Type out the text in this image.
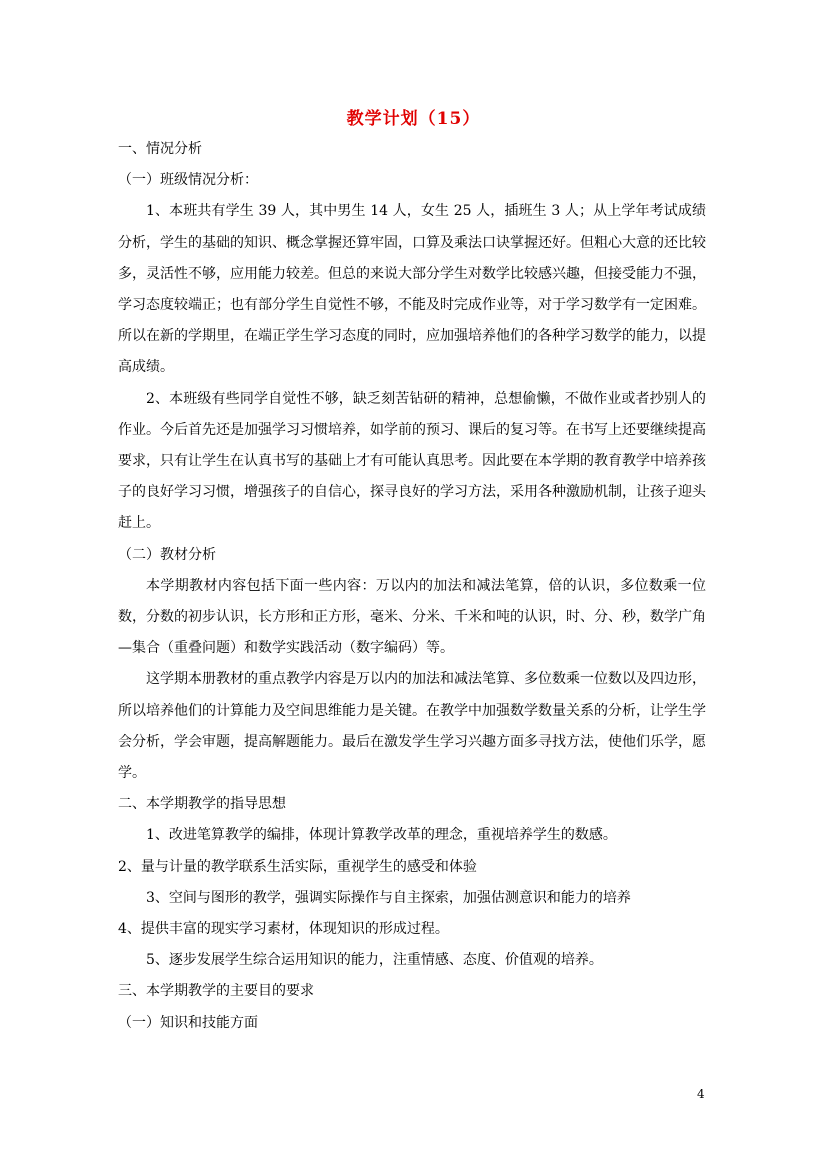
教学计划（15）

一、情况分析

（一）班级情况分析：

1、本班共有学生 39 人，其中男生 14 人，女生 25 人，插班生 3 人；从上学年考试成绩分析，学生的基础的知识、概念掌握还算牢固，口算及乘法口诀掌握还好。但粗心大意的还比较多，灵活性不够，应用能力较差。但总的来说大部分学生对数学比较感兴趣，但接受能力不强，学习态度较端正；也有部分学生自觉性不够，不能及时完成作业等，对于学习数学有一定困难。所以在新的学期里，在端正学生学习态度的同时，应加强培养他们的各种学习数学的能力，以提高成绩。

2、本班级有些同学自觉性不够，缺乏刻苦钻研的精神，总想偷懒，不做作业或者抄别人的作业。今后首先还是加强学习习惯培养，如学前的预习、课后的复习等。在书写上还要继续提高要求，只有让学生在认真书写的基础上才有可能认真思考。因此要在本学期的教育教学中培养孩子的良好学习习惯，增强孩子的自信心，探寻良好的学习方法，采用各种激励机制，让孩子迎头赶上。

（二）教材分析

本学期教材内容包括下面一些内容：万以内的加法和减法笔算，倍的认识，多位数乘一位数，分数的初步认识，长方形和正方形，毫米、分米、千米和吨的认识，时、分、秒，数学广角—集合（重叠问题）和数学实践活动（数字编码）等。

这学期本册教材的重点教学内容是万以内的加法和减法笔算、多位数乘一位数以及四边形，所以培养他们的计算能力及空间思维能力是关键。在教学中加强数学数量关系的分析，让学生学会分析，学会审题，提高解题能力。最后在激发学生学习兴趣方面多寻找方法，使他们乐学，愿学。

二、本学期教学的指导思想

1、改进笔算教学的编排，体现计算教学改革的理念，重视培养学生的数感。

2、量与计量的教学联系生活实际，重视学生的感受和体验

3、空间与图形的教学，强调实际操作与自主探索，加强估测意识和能力的培养

4、提供丰富的现实学习素材，体现知识的形成过程。

5、逐步发展学生综合运用知识的能力，注重情感、态度、价值观的培养。

三、本学期教学的主要目的要求

（一）知识和技能方面

4
